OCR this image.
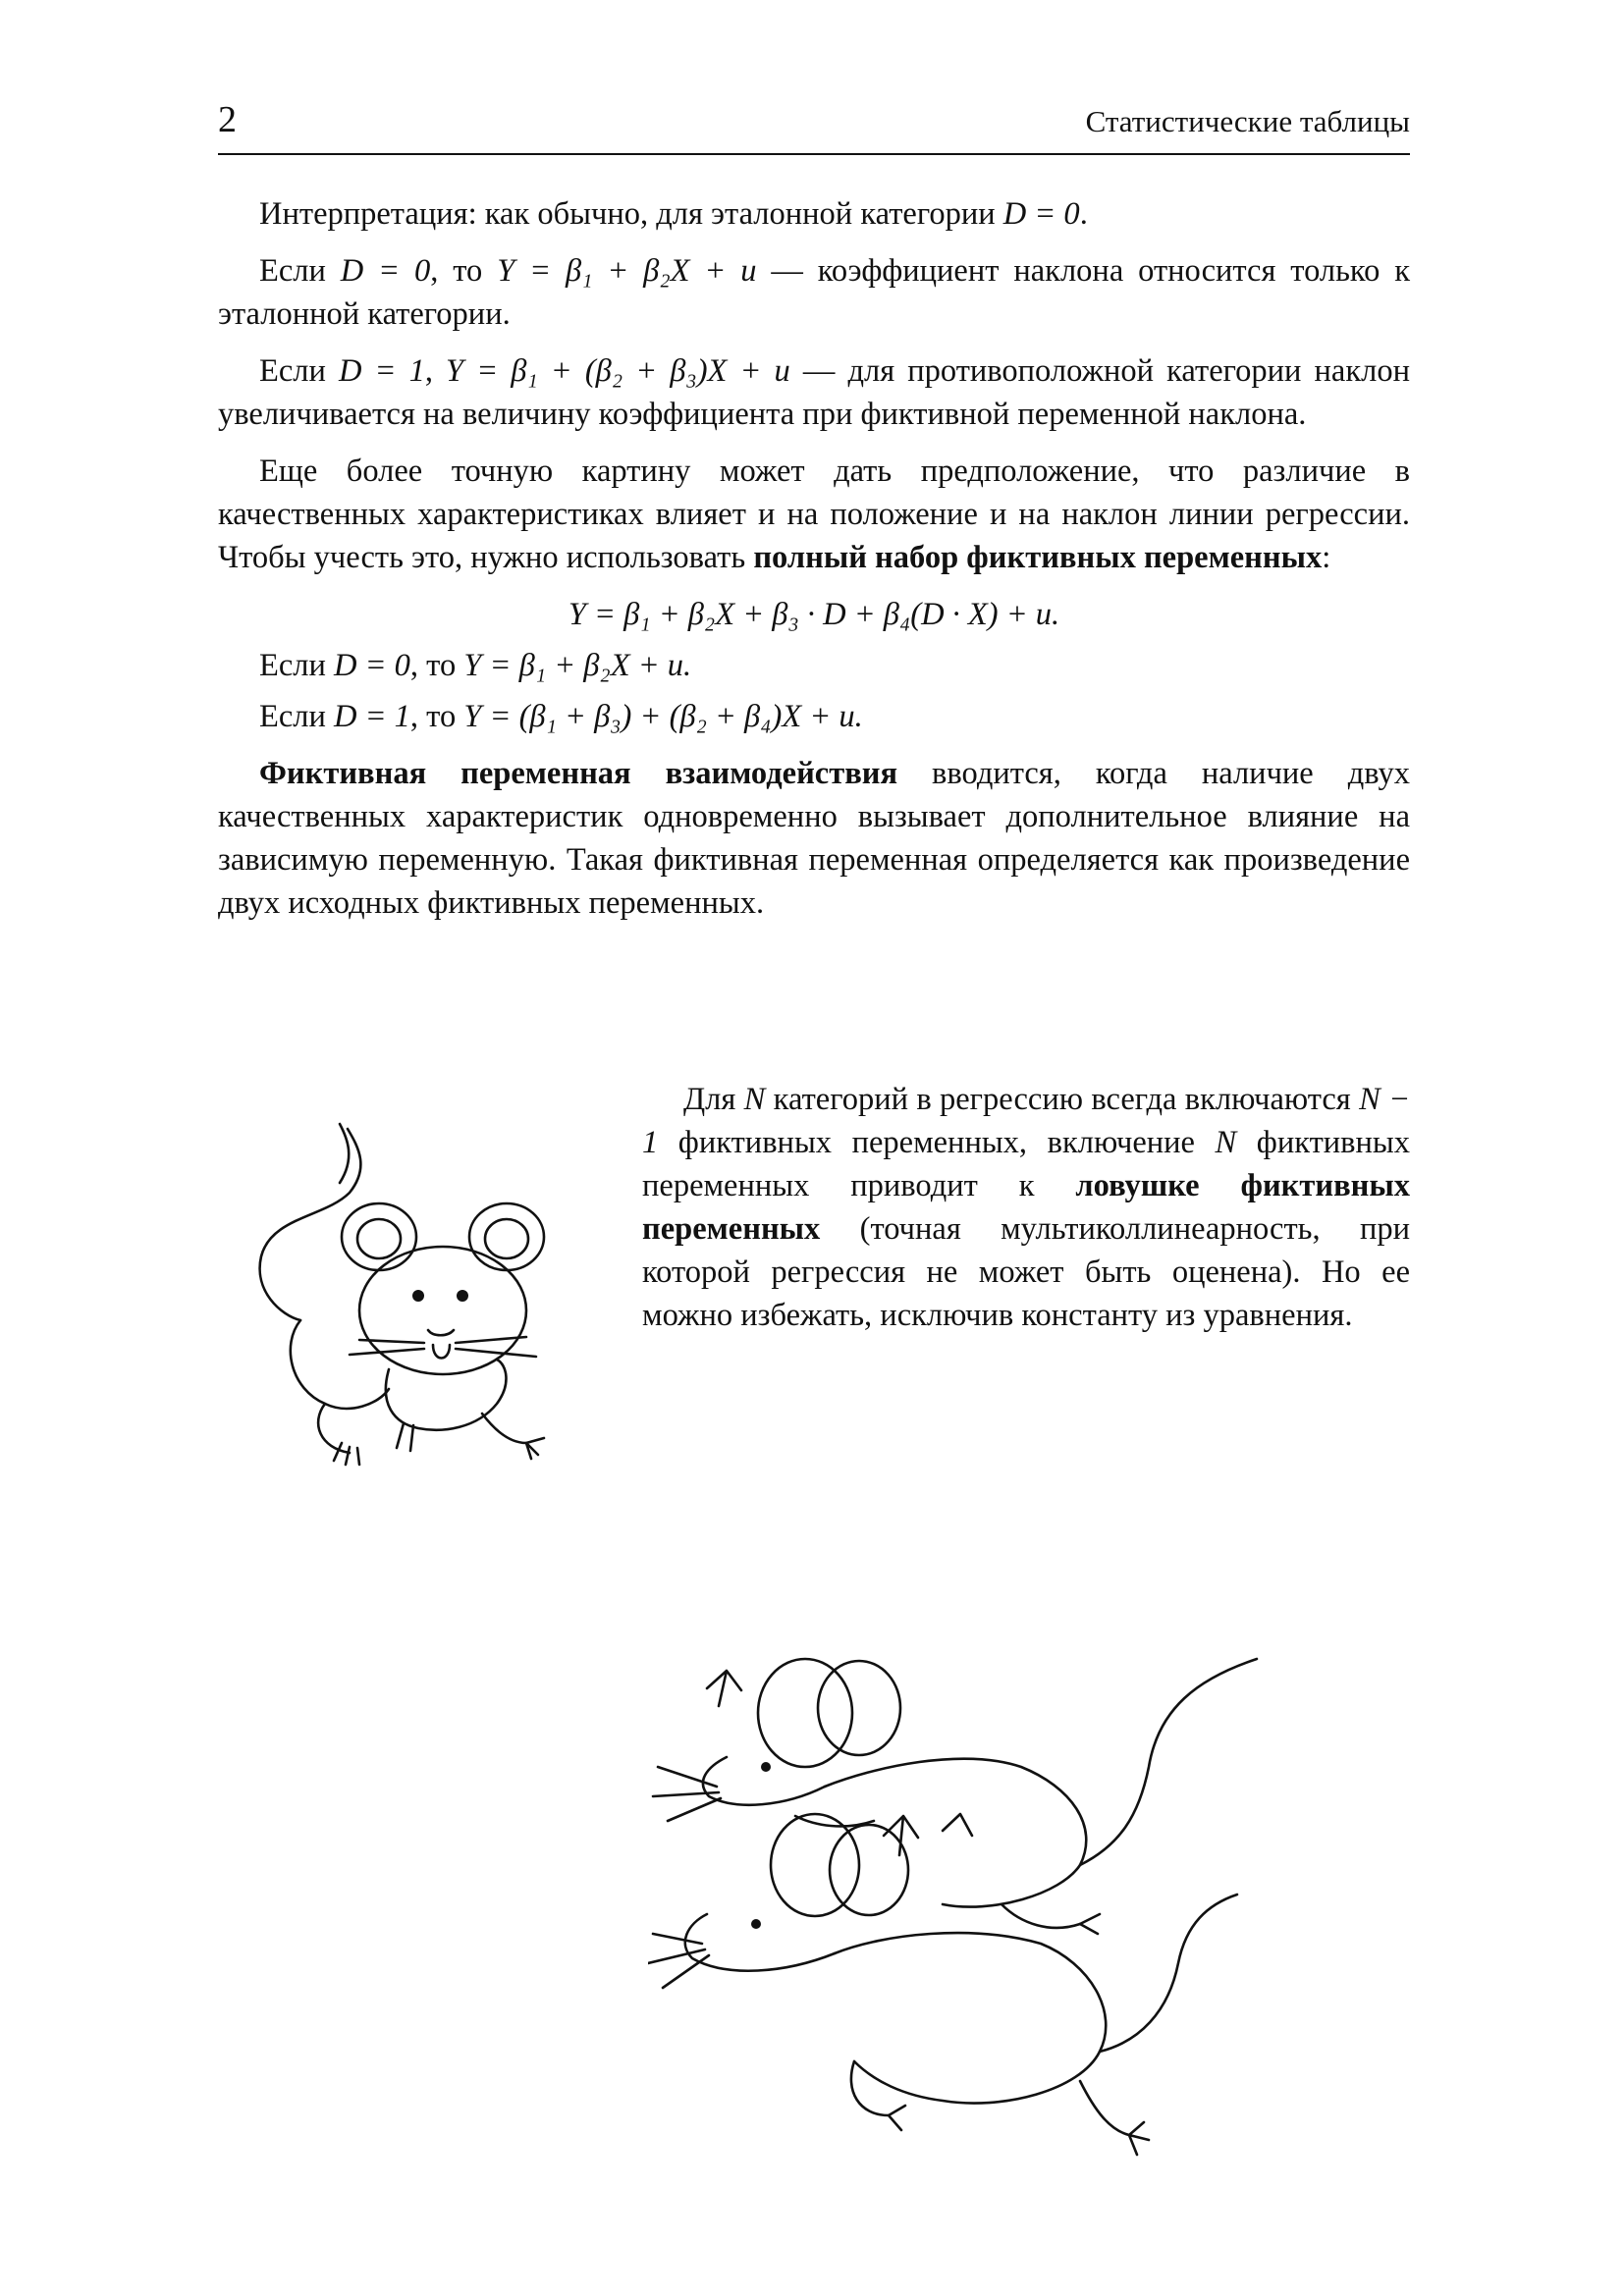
2	Статистические таблицы

Интерпретация: как обычно, для эталонной категории D = 0.

Если D = 0, то Y = β₁ + β₂X + u — коэффициент наклона относится только к эталонной категории.

Если D = 1, Y = β₁ + (β₂ + β₃)X + u — для противоположной категории наклон увеличивается на величину коэффициента при фиктивной переменной наклона.

Еще более точную картину может дать предположение, что различие в качественных характеристиках влияет и на положение и на наклон линии регрессии. Чтобы учесть это, нужно использовать полный набор фиктивных переменных:

Y = β₁ + β₂X + β₃ · D + β₄(D · X) + u.

Если D = 0, то Y = β₁ + β₂X + u.

Если D = 1, то Y = (β₁ + β₃) + (β₂ + β₄)X + u.

Фиктивная переменная взаимодействия вводится, когда наличие двух качественных характеристик одновременно вызывает дополнительное влияние на зависимую переменную. Такая фиктивная переменная определяется как произведение двух исходных фиктивных переменных.

Для N категорий в регрессию всегда включаются N − 1 фиктивных переменных, включение N фиктивных переменных приводит к ловушке фиктивных переменных (точная мультиколлинеарность, при которой регрессия не может быть оценена). Но ее можно избежать, исключив константу из уравнения.
